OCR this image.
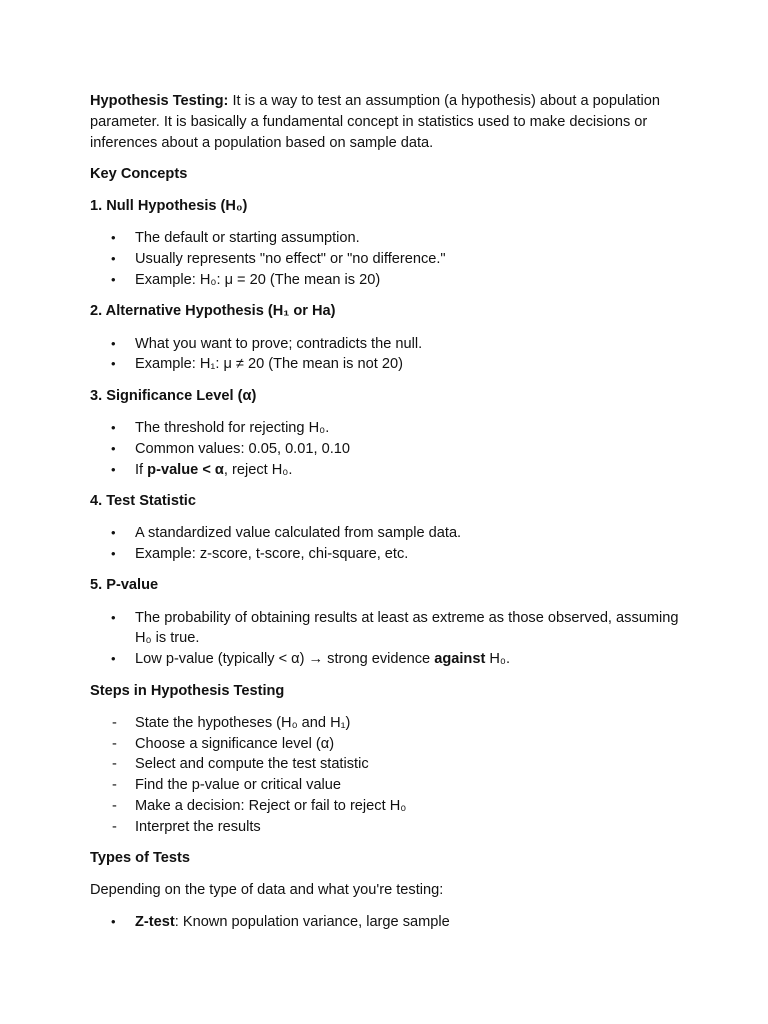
Hypothesis Testing: It is a way to test an assumption (a hypothesis) about a population parameter. It is basically a fundamental concept in statistics used to make decisions or inferences about a population based on sample data.

Key Concepts

1. Null Hypothesis (H₀)

• The default or starting assumption.
• Usually represents "no effect" or "no difference."
• Example: H₀: μ = 20 (The mean is 20)

2. Alternative Hypothesis (H₁ or Ha)

• What you want to prove; contradicts the null.
• Example: H₁: μ ≠ 20 (The mean is not 20)

3. Significance Level (α)

• The threshold for rejecting H₀.
• Common values: 0.05, 0.01, 0.10
• If p-value < α, reject H₀.

4. Test Statistic

• A standardized value calculated from sample data.
• Example: z-score, t-score, chi-square, etc.

5. P-value

• The probability of obtaining results at least as extreme as those observed, assuming H₀ is true.
• Low p-value (typically < α) → strong evidence against H₀.

Steps in Hypothesis Testing

- State the hypotheses (H₀ and H₁)
- Choose a significance level (α)
- Select and compute the test statistic
- Find the p-value or critical value
- Make a decision: Reject or fail to reject H₀
- Interpret the results

Types of Tests

Depending on the type of data and what you're testing:

• Z-test: Known population variance, large sample
